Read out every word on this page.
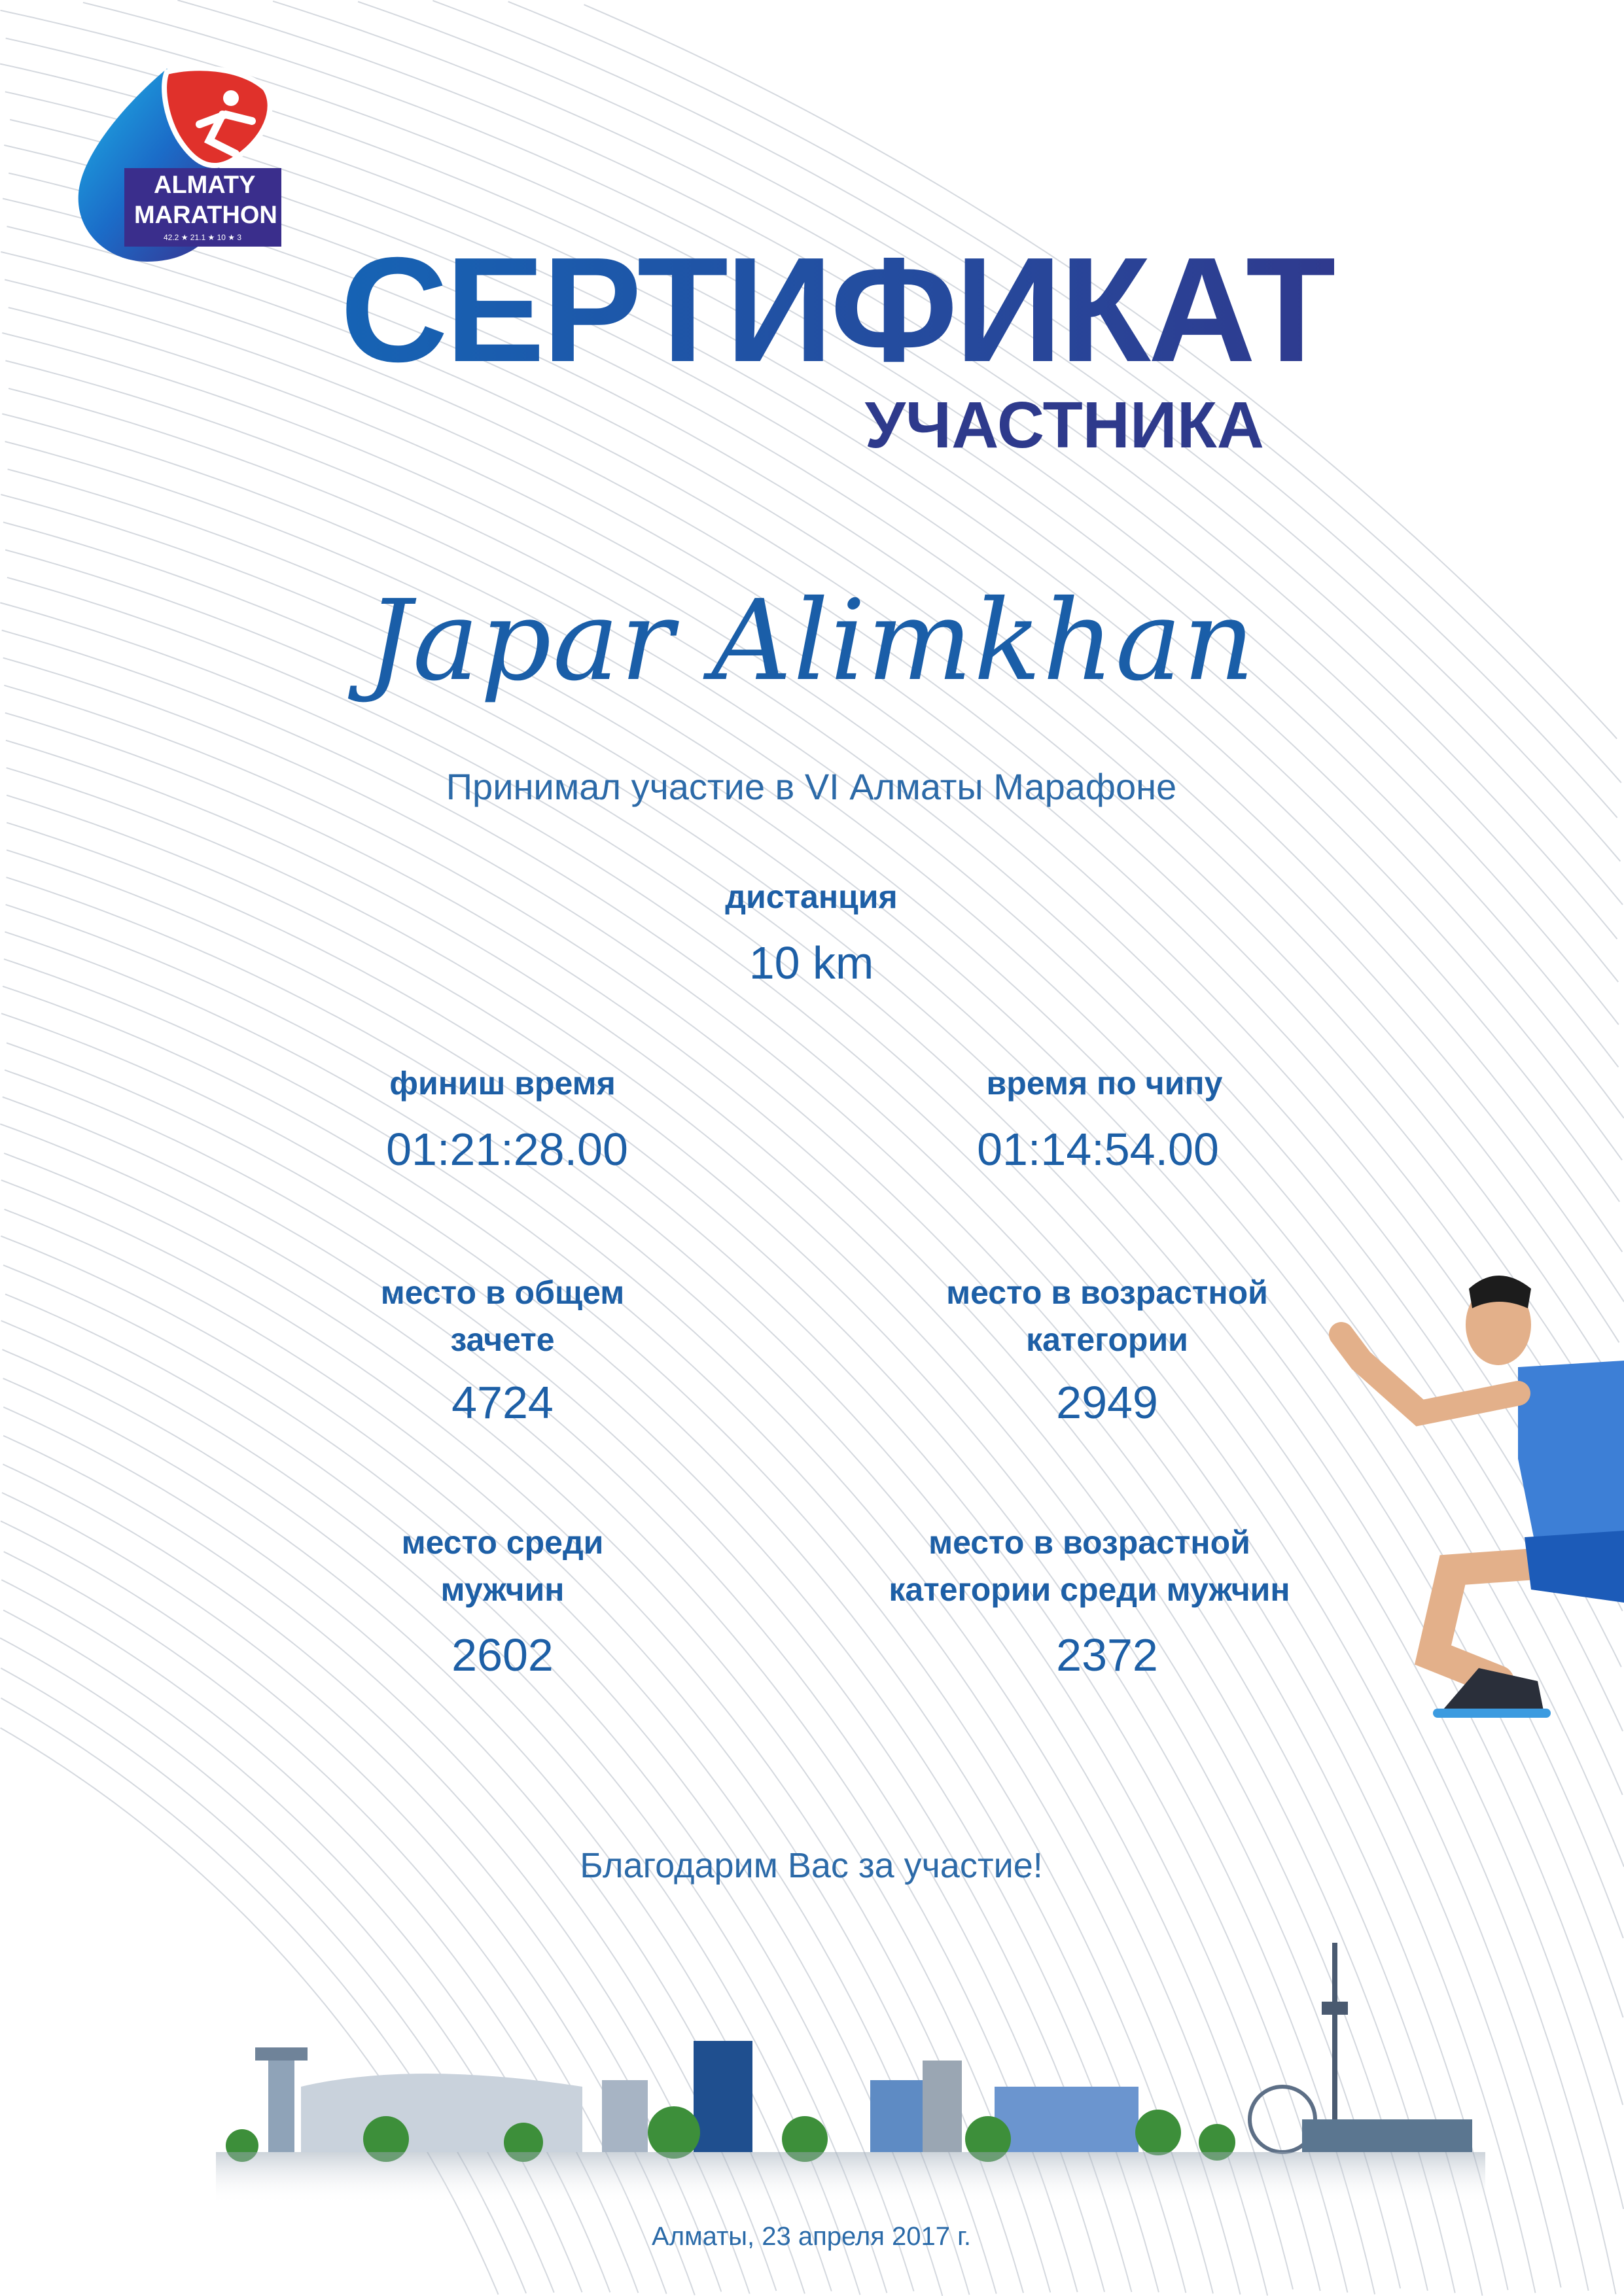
ALMATY
MARATHON
42.2 ★ 21.1 ★ 10 ★ 3 СЕРТИФИКАТ
УЧАСТНИКА
Japar Alimkhan
Принимал участие в VI Алматы Марафоне
дистанция
10 km
финиш время
01:21:28.00
время по чипу
01:14:54.00
место в общем
зачете
4724
место в возрастной
категории
2949
место среди
мужчин
2602
место в возрастной
категории среди мужчин
2372
Благодарим Вас за участие!
Алматы, 23 апреля 2017 г.
